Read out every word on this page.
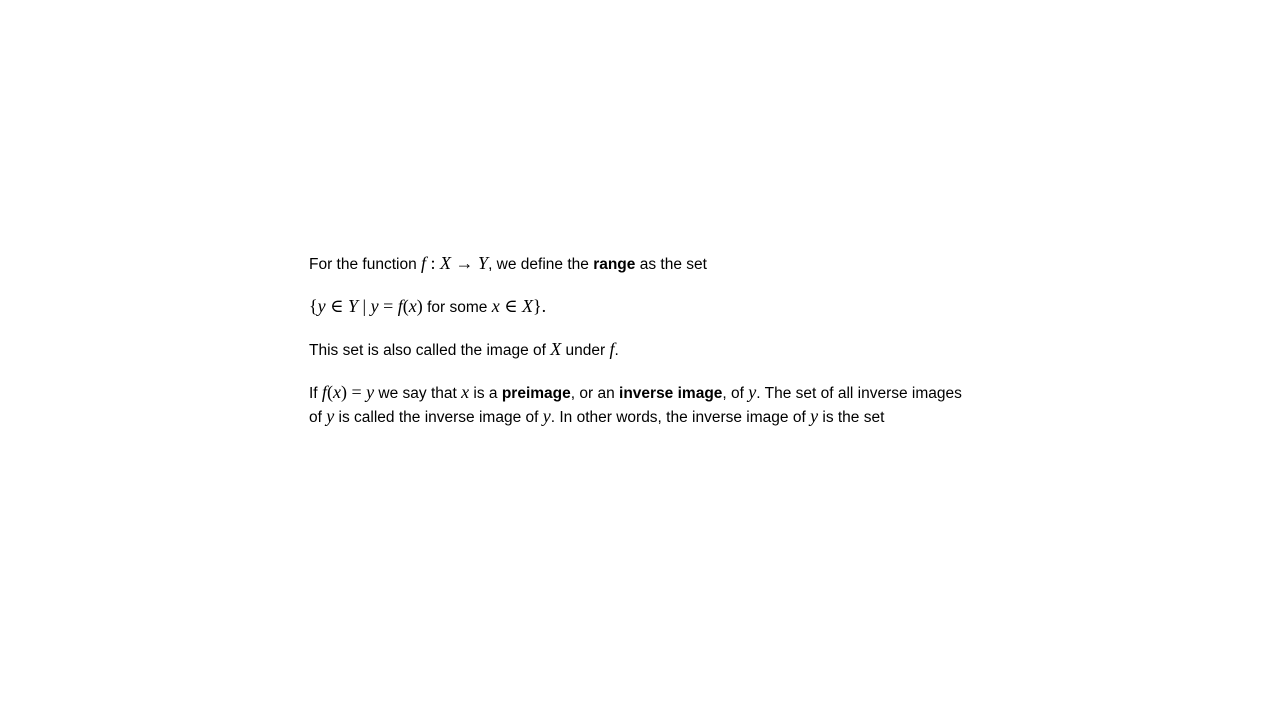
For the function f : X → Y, we define the range as the set

{y ∈ Y | y = f(x) for some x ∈ X}.

This set is also called the image of X under f.

If f(x) = y we say that x is a preimage, or an inverse image, of y. The set of all inverse images of y is called the inverse image of y. In other words, the inverse image of y is the set
